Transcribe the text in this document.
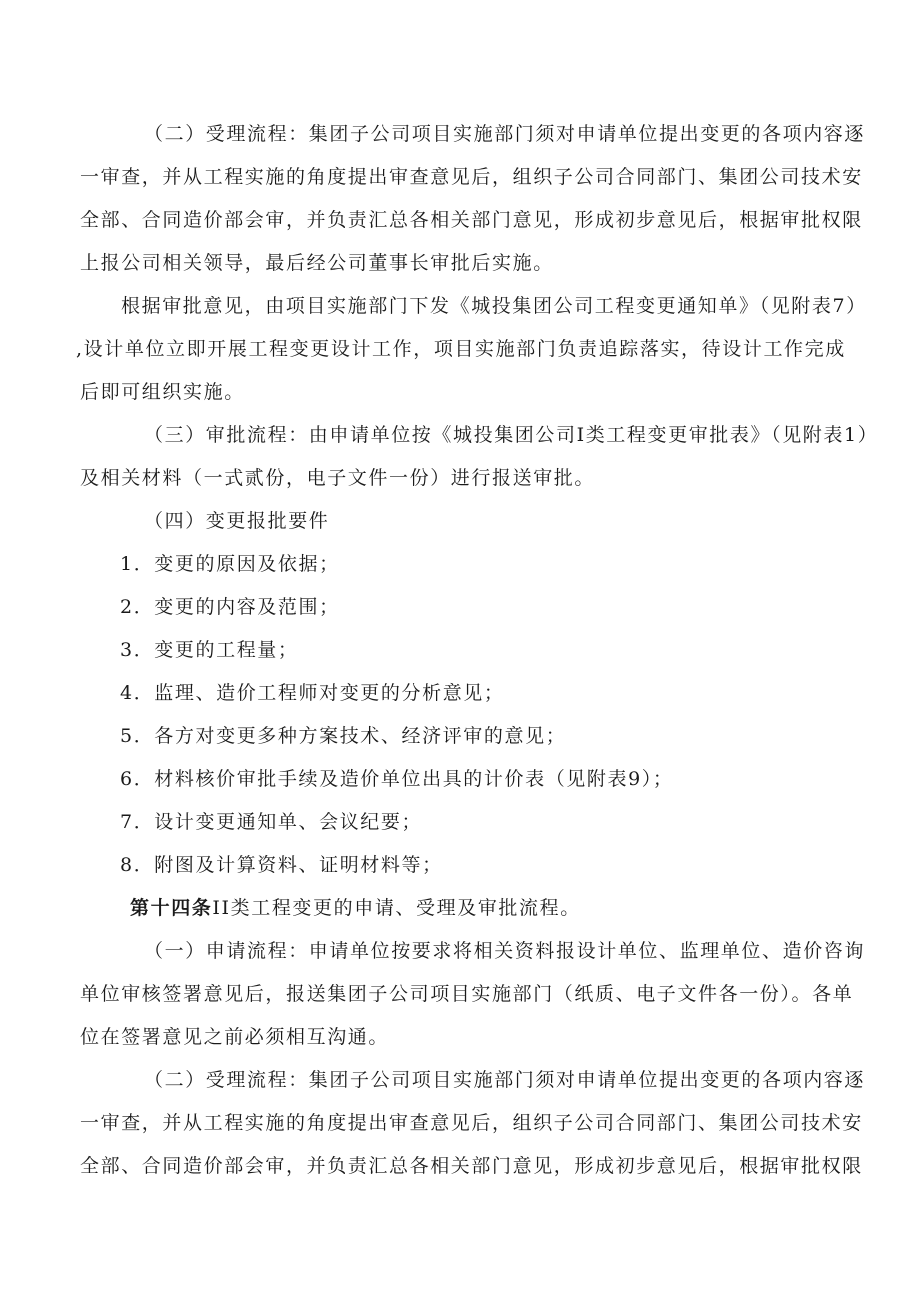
（二）受理流程：集团子公司项目实施部门须对申请单位提出变更的各项内容逐
一审查，并从工程实施的角度提出审查意见后，组织子公司合同部门、集团公司技术安
全部、合同造价部会审，并负责汇总各相关部门意见，形成初步意见后，根据审批权限
上报公司相关领导，最后经公司董事长审批后实施。
根据审批意见，由项目实施部门下发《城投集团公司工程变更通知单》（见附表7）
,设计单位立即开展工程变更设计工作，项目实施部门负责追踪落实，待设计工作完成
后即可组织实施。
（三）审批流程：由申请单位按《城投集团公司I类工程变更审批表》（见附表1）
及相关材料（一式贰份，电子文件一份）进行报送审批。
（四）变更报批要件
1．变更的原因及依据；
2．变更的内容及范围；
3．变更的工程量；
4．监理、造价工程师对变更的分析意见；
5．各方对变更多种方案技术、经济评审的意见；
6．材料核价审批手续及造价单位出具的计价表（见附表9）；
7．设计变更通知单、会议纪要；
8．附图及计算资料、证明材料等；
第十四条II类工程变更的申请、受理及审批流程。
（一）申请流程：申请单位按要求将相关资料报设计单位、监理单位、造价咨询
单位审核签署意见后，报送集团子公司项目实施部门（纸质、电子文件各一份）。各单
位在签署意见之前必须相互沟通。
（二）受理流程：集团子公司项目实施部门须对申请单位提出变更的各项内容逐
一审查，并从工程实施的角度提出审查意见后，组织子公司合同部门、集团公司技术安
全部、合同造价部会审，并负责汇总各相关部门意见，形成初步意见后，根据审批权限
